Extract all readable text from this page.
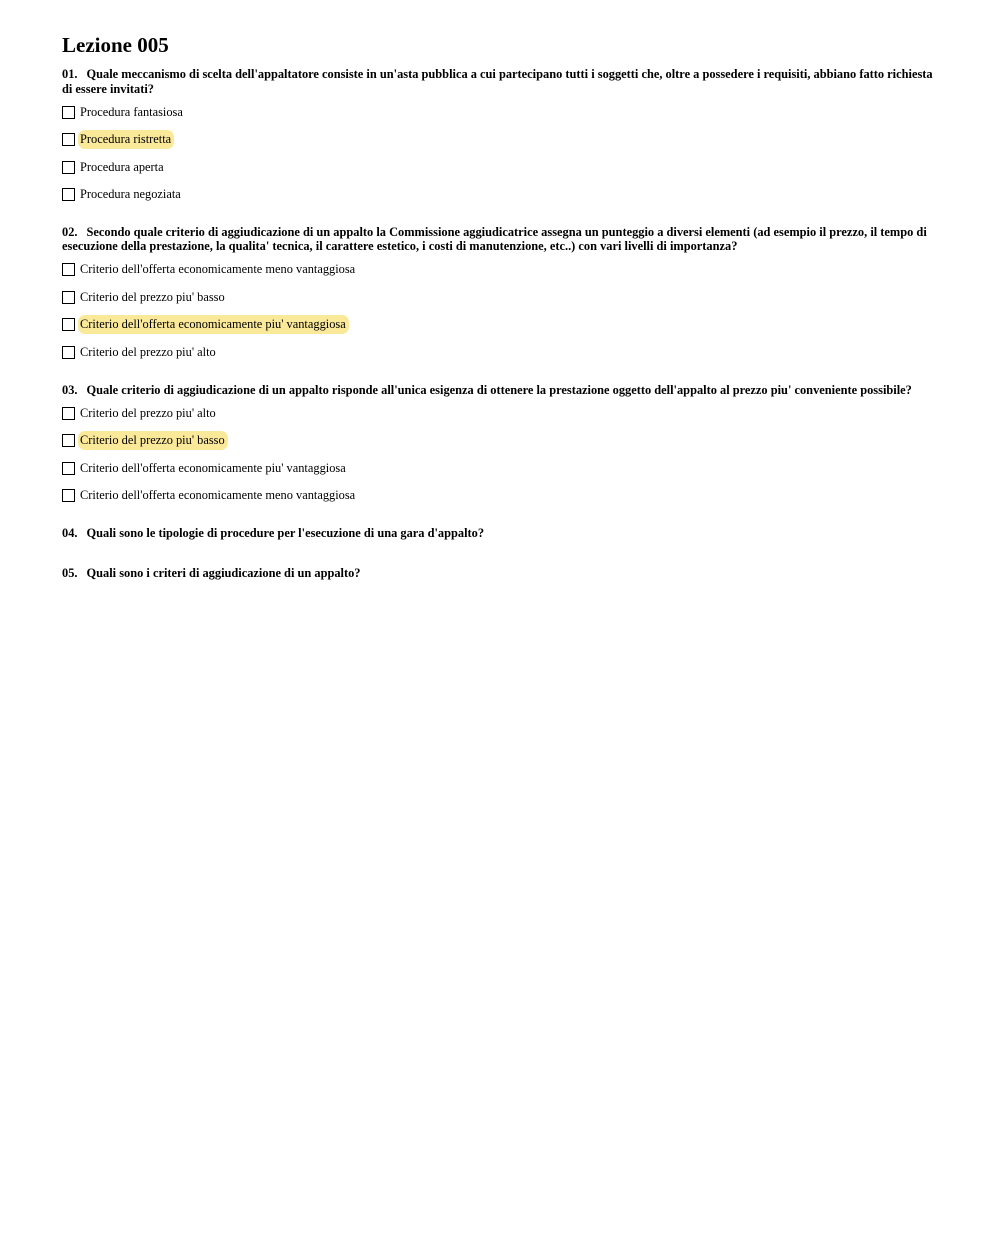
Lezione 005
01. Quale meccanismo di scelta dell'appaltatore consiste in un'asta pubblica a cui partecipano tutti i soggetti che, oltre a possedere i requisiti, abbiano fatto richiesta di essere invitati?
Procedura fantasiosa
Procedura ristretta
Procedura aperta
Procedura negoziata
02. Secondo quale criterio di aggiudicazione di un appalto la Commissione aggiudicatrice assegna un punteggio a diversi elementi (ad esempio il prezzo, il tempo di esecuzione della prestazione, la qualita' tecnica, il carattere estetico, i costi di manutenzione, etc..) con vari livelli di importanza?
Criterio dell'offerta economicamente meno vantaggiosa
Criterio del prezzo piu' basso
Criterio dell'offerta economicamente piu' vantaggiosa
Criterio del prezzo piu' alto
03. Quale criterio di aggiudicazione di un appalto risponde all'unica esigenza di ottenere la prestazione oggetto dell'appalto al prezzo piu' conveniente possibile?
Criterio del prezzo piu' alto
Criterio del prezzo piu' basso
Criterio dell'offerta economicamente piu' vantaggiosa
Criterio dell'offerta economicamente meno vantaggiosa
04. Quali sono le tipologie di procedure per l'esecuzione di una gara d'appalto?
05. Quali sono i criteri di aggiudicazione di un appalto?
